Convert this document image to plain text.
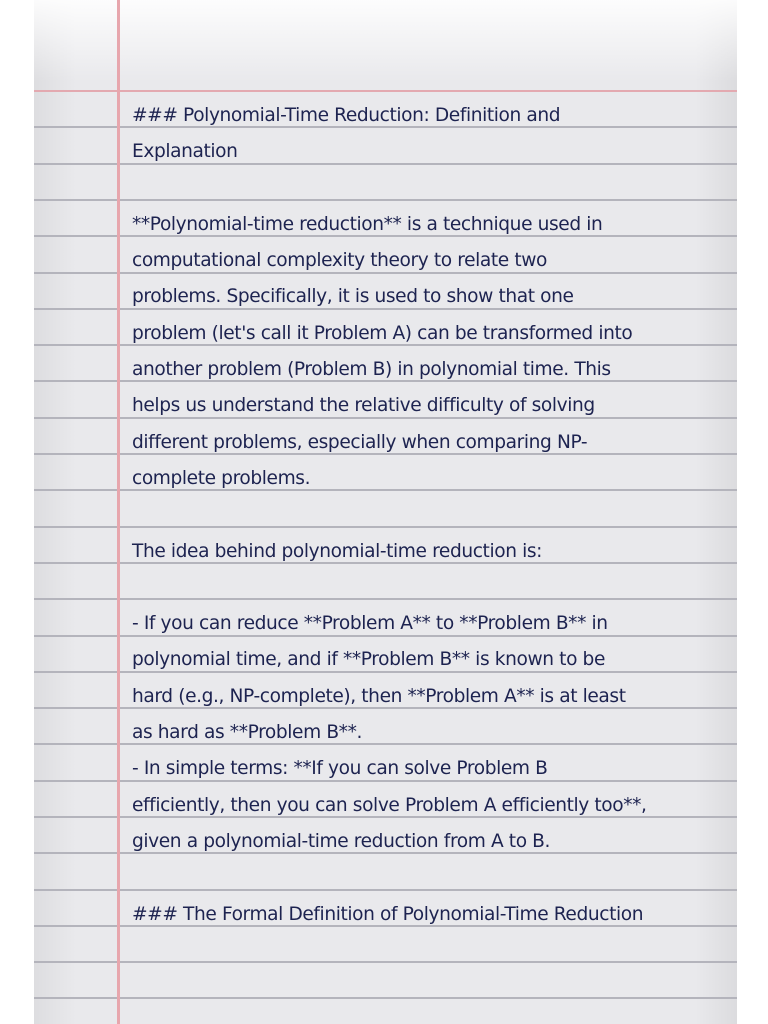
### Polynomial-Time Reduction: Definition and
Explanation
**Polynomial-time reduction** is a technique used in
computational complexity theory to relate two
problems. Specifically, it is used to show that one
problem (let's call it Problem A) can be transformed into
another problem (Problem B) in polynomial time. This
helps us understand the relative difficulty of solving
different problems, especially when comparing NP-
complete problems.
The idea behind polynomial-time reduction is:
- If you can reduce **Problem A** to **Problem B** in
polynomial time, and if **Problem B** is known to be
hard (e.g., NP-complete), then **Problem A** is at least
as hard as **Problem B**.
- In simple terms: **If you can solve Problem B
efficiently, then you can solve Problem A efficiently too**,
given a polynomial-time reduction from A to B.
### The Formal Definition of Polynomial-Time Reduction
